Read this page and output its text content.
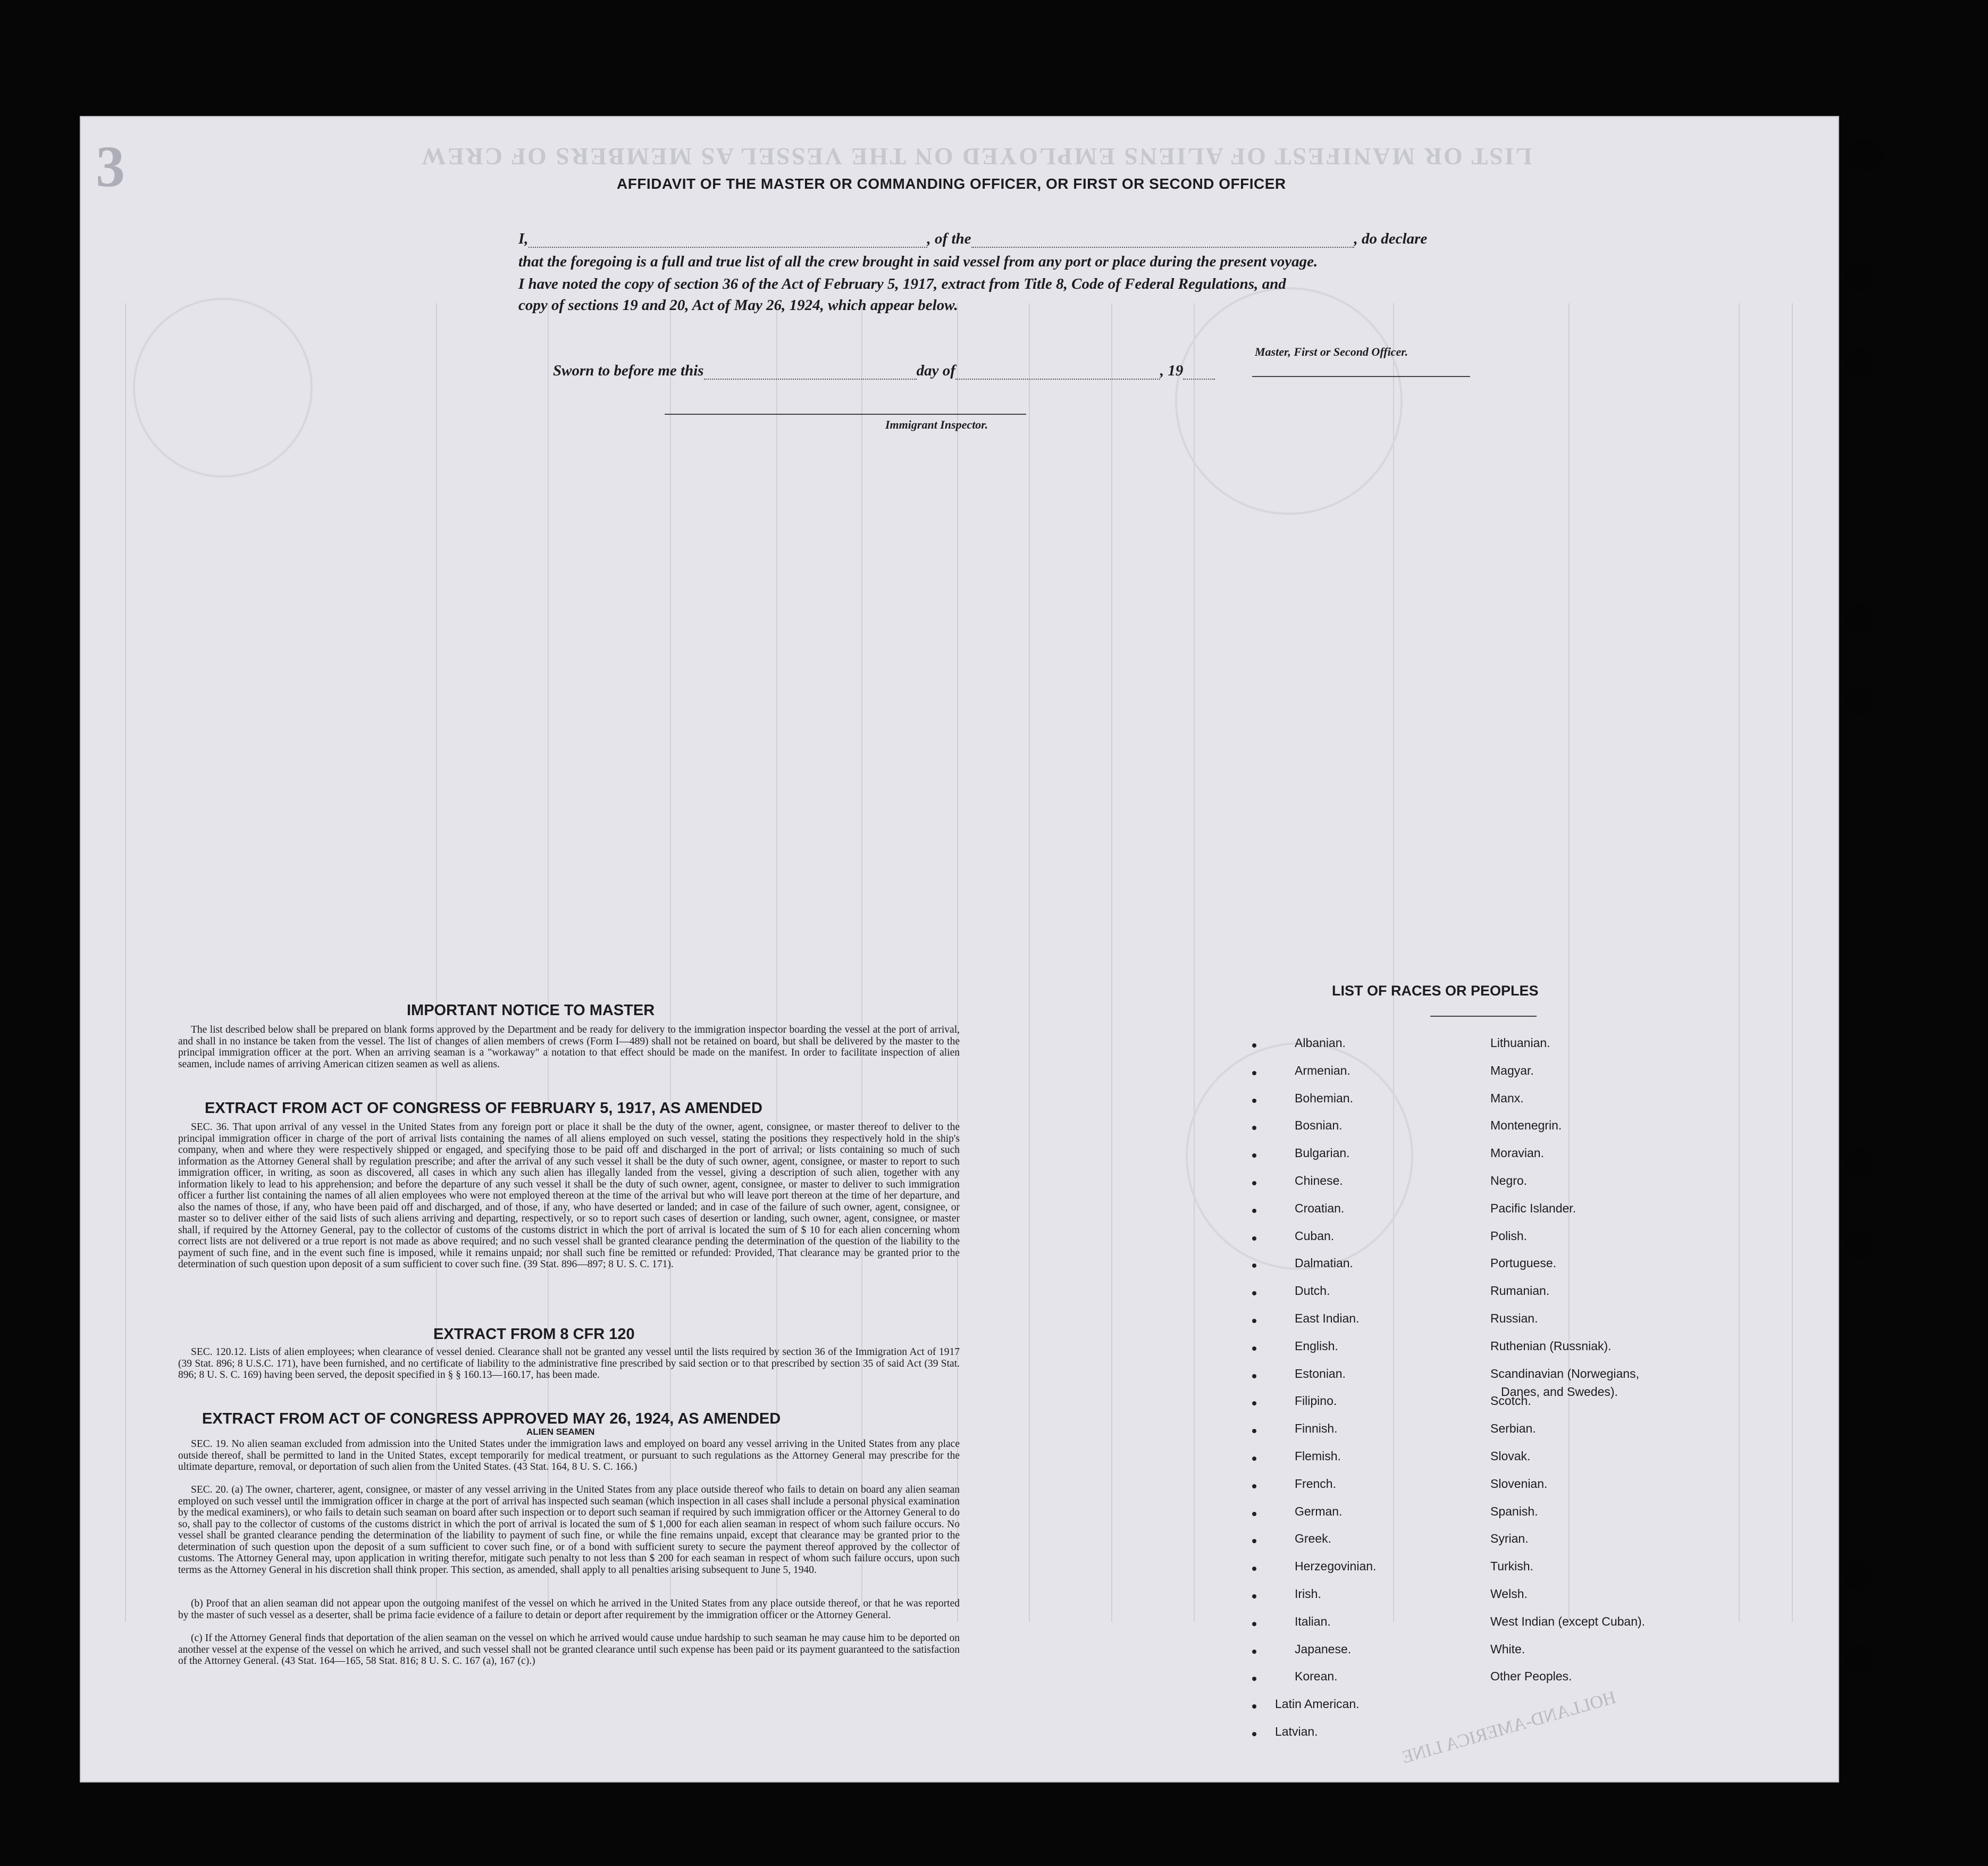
LIST OR MANIFEST OF ALIENS EMPLOYED ON THE VESSEL AS MEMBERS OF CREW
3
HOLLAND-AMERICA LINE
AFFIDAVIT OF THE MASTER OR COMMANDING OFFICER, OR FIRST OR SECOND OFFICER
I,	, of the	, do declare
that the foregoing is a full and true list of all the crew brought in said vessel from any port or place during the present voyage.
I have noted the copy of section 36 of the Act of February 5, 1917, extract from Title 8, Code of Federal Regulations, and
copy of sections 19 and 20, Act of May 26, 1924, which appear below.
Master, First or Second Officer.
Sworn to before me this	day of	, 19
Immigrant Inspector.
IMPORTANT NOTICE TO MASTER
The list described below shall be prepared on blank forms approved by the Department and be ready for delivery to the immigration inspector boarding the vessel at the port of arrival, and shall in no instance be taken from the vessel. The list of changes of alien members of crews (Form I—489) shall not be retained on board, but shall be delivered by the master to the principal immigration officer at the port. When an arriving seaman is a "workaway" a notation to that effect should be made on the manifest. In order to facilitate inspection of alien seamen, include names of arriving American citizen seamen as well as aliens.
EXTRACT FROM ACT OF CONGRESS OF FEBRUARY 5, 1917, AS AMENDED
SEC. 36. That upon arrival of any vessel in the United States from any foreign port or place it shall be the duty of the owner, agent, consignee, or master thereof to deliver to the principal immigration officer in charge of the port of arrival lists containing the names of all aliens employed on such vessel, stating the positions they respectively hold in the ship's company, when and where they were respectively shipped or engaged, and specifying those to be paid off and discharged in the port of arrival; or lists containing so much of such information as the Attorney General shall by regulation prescribe; and after the arrival of any such vessel it shall be the duty of such owner, agent, consignee, or master to report to such immigration officer, in writing, as soon as discovered, all cases in which any such alien has illegally landed from the vessel, giving a description of such alien, together with any information likely to lead to his apprehension; and before the departure of any such vessel it shall be the duty of such owner, agent, consignee, or master to deliver to such immigration officer a further list containing the names of all alien employees who were not employed thereon at the time of the arrival but who will leave port thereon at the time of her departure, and also the names of those, if any, who have been paid off and discharged, and of those, if any, who have deserted or landed; and in case of the failure of such owner, agent, consignee, or master so to deliver either of the said lists of such aliens arriving and departing, respectively, or so to report such cases of desertion or landing, such owner, agent, consignee, or master shall, if required by the Attorney General, pay to the collector of customs of the customs district in which the port of arrival is located the sum of $ 10 for each alien concerning whom correct lists are not delivered or a true report is not made as above required; and no such vessel shall be granted clearance pending the determination of the question of the liability to the payment of such fine, and in the event such fine is imposed, while it remains unpaid; nor shall such fine be remitted or refunded: Provided, That clearance may be granted prior to the determination of such question upon deposit of a sum sufficient to cover such fine. (39 Stat. 896—897; 8 U. S. C. 171).
EXTRACT FROM 8 CFR 120
SEC. 120.12. Lists of alien employees; when clearance of vessel denied. Clearance shall not be granted any vessel until the lists required by section 36 of the Immigration Act of 1917 (39 Stat. 896; 8 U.S.C. 171), have been furnished, and no certificate of liability to the administrative fine prescribed by said section or to that prescribed by section 35 of said Act (39 Stat. 896; 8 U. S. C. 169) having been served, the deposit specified in § § 160.13—160.17, has been made.
EXTRACT FROM ACT OF CONGRESS APPROVED MAY 26, 1924, AS AMENDED
ALIEN SEAMEN
SEC. 19. No alien seaman excluded from admission into the United States under the immigration laws and employed on board any vessel arriving in the United States from any place outside thereof, shall be permitted to land in the United States, except temporarily for medical treatment, or pursuant to such regulations as the Attorney General may prescribe for the ultimate departure, removal, or deportation of such alien from the United States. (43 Stat. 164, 8 U. S. C. 166.)
SEC. 20. (a) The owner, charterer, agent, consignee, or master of any vessel arriving in the United States from any place outside thereof who fails to detain on board any alien seaman employed on such vessel until the immigration officer in charge at the port of arrival has inspected such seaman (which inspection in all cases shall include a personal physical examination by the medical examiners), or who fails to detain such seaman on board after such inspection or to deport such seaman if required by such immigration officer or the Attorney General to do so, shall pay to the collector of customs of the customs district in which the port of arrival is located the sum of $ 1,000 for each alien seaman in respect of whom such failure occurs. No vessel shall be granted clearance pending the determination of the liability to payment of such fine, or while the fine remains unpaid, except that clearance may be granted prior to the determination of such question upon the deposit of a sum sufficient to cover such fine, or of a bond with sufficient surety to secure the payment thereof approved by the collector of customs. The Attorney General may, upon application in writing therefor, mitigate such penalty to not less than $ 200 for each seaman in respect of whom such failure occurs, upon such terms as the Attorney General in his discretion shall think proper. This section, as amended, shall apply to all penalties arising subsequent to June 5, 1940.
(b) Proof that an alien seaman did not appear upon the outgoing manifest of the vessel on which he arrived in the United States from any place outside thereof, or that he was reported by the master of such vessel as a deserter, shall be prima facie evidence of a failure to detain or deport after requirement by the immigration officer or the Attorney General.
(c) If the Attorney General finds that deportation of the alien seaman on the vessel on which he arrived would cause undue hardship to such seaman he may cause him to be deported on another vessel at the expense of the vessel on which he arrived, and such vessel shall not be granted clearance until such expense has been paid or its payment guaranteed to the satisfaction of the Attorney General. (43 Stat. 164—165, 58 Stat. 816; 8 U. S. C. 167 (a), 167 (c).)
LIST OF RACES OR PEOPLES
Albanian.
Armenian.
Bohemian.
Bosnian.
Bulgarian.
Chinese.
Croatian.
Cuban.
Dalmatian.
Dutch.
East Indian.
English.
Estonian.
Filipino.
Finnish.
Flemish.
French.
German.
Greek.
Herzegovinian.
Irish.
Italian.
Japanese.
Korean.
Latin American.
Latvian.
Lithuanian.
Magyar.
Manx.
Montenegrin.
Moravian.
Negro.
Pacific Islander.
Polish.
Portuguese.
Rumanian.
Russian.
Ruthenian (Russniak).
Scandinavian (Norwegians,
Danes, and Swedes).
Scotch.
Serbian.
Slovak.
Slovenian.
Spanish.
Syrian.
Turkish.
Welsh.
West Indian (except Cuban).
White.
Other Peoples.
